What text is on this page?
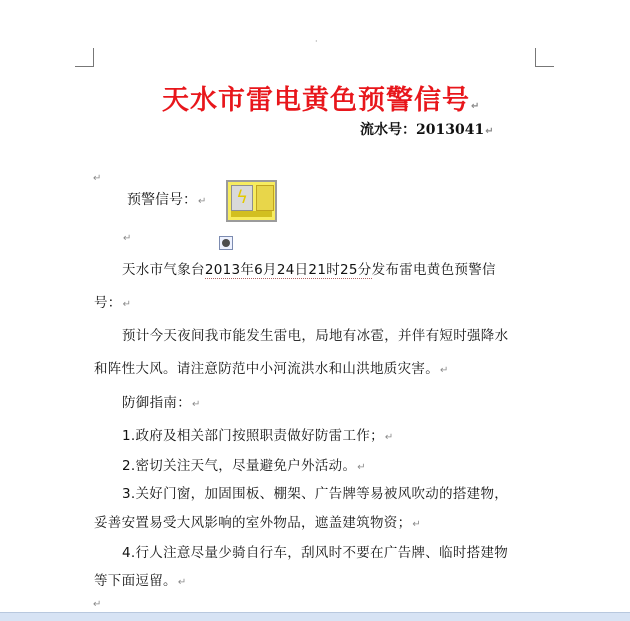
·
天水市雷电黄色预警信号↵
流水号：2013041↵
↵
预警信号：↵ ϟ
↵
天水市气象台2013年6月24日21时25分发布雷电黄色预警信
号：↵
预计今天夜间我市能发生雷电，局地有冰雹，并伴有短时强降水
和阵性大风。请注意防范中小河流洪水和山洪地质灾害。↵
防御指南：↵
1.政府及相关部门按照职责做好防雷工作；↵
2.密切关注天气，尽量避免户外活动。↵
3.关好门窗，加固围板、棚架、广告牌等易被风吹动的搭建物，
妥善安置易受大风影响的室外物品，遮盖建筑物资；↵
4.行人注意尽量少骑自行车，刮风时不要在广告牌、临时搭建物
等下面逗留。↵
↵
